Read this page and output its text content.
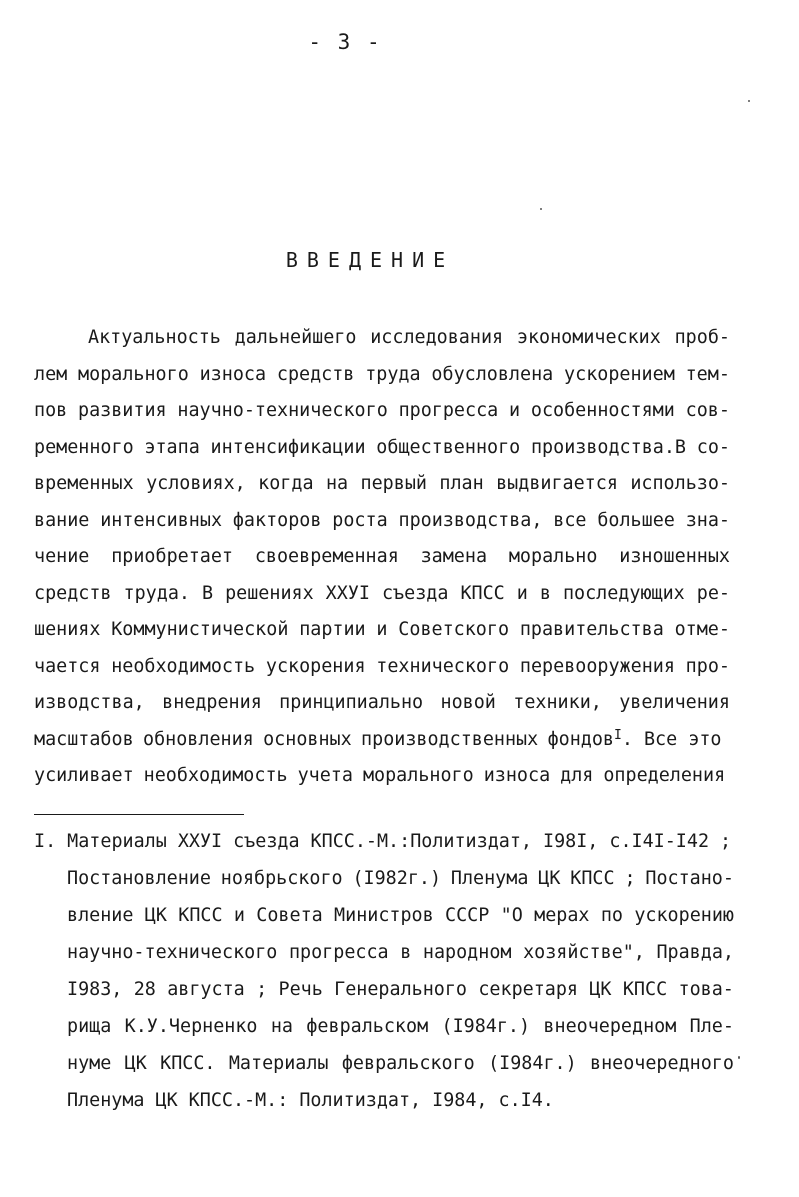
- 3 -
ВВЕДЕНИЕ
Актуальность дальнейшего исследования экономических проб-
лем морального износа средств труда обусловлена ускорением тем-
пов развития научно-технического прогресса и особенностями сов-
ременного этапа интенсификации общественного производства.В со-
временных условиях, когда на первый план выдвигается использо-
вание интенсивных факторов роста производства, все большее зна-
чение приобретает своевременная замена морально изношенных
средств труда. В решениях ХХУI съезда КПСС и в последующих ре-
шениях Коммунистической партии и Советского правительства отме-
чается необходимость ускорения технического перевооружения про-
изводства, внедрения принципиально новой техники, увеличения
масштабов обновления основных производственных фондов$^I$ . Все это
усиливает необходимость учета морального износа для определения
I. Материалы ХХУI съезда КПСС.-М.:Политиздат, I98I, с.I4I-I42 ;
Постановление ноябрьского (I982г.) Пленума ЦК КПСС ; Постано-
вление ЦК КПСС и Совета Министров СССР "О мерах по ускорению
научно-технического прогресса в народном хозяйстве", Правда,
I983, 28 августа ; Речь Генерального секретаря ЦК КПСС това-
рища К.У.Черненко на февральском (I984г.) внеочередном Пле-
нуме ЦК КПСС. Материалы февральского (I984г.) внеочередного
Пленума ЦК КПСС.-М.: Политиздат, I984, с.I4.
